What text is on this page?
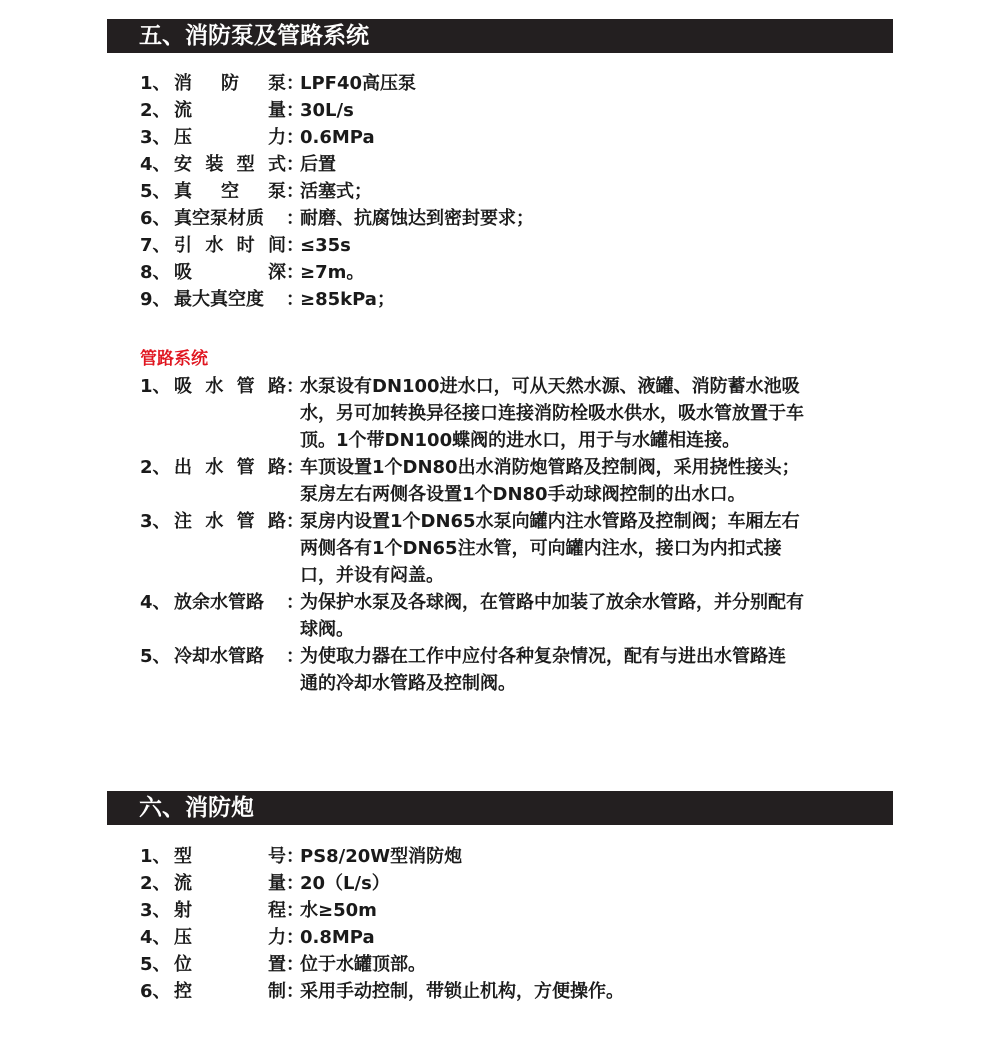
五、消防泵及管路系统
1、 消 防 泵 ：
LPF40高压泵
2、 流	量 ：
30L/s
3、 压	力 ：
0.6MPa
4、 安 装 型 式 ：
后置
5、 真 空 泵 ：
活塞式；
6、 真空泵材质 ：
耐磨、抗腐蚀达到密封要求；
7、 引 水 时 间 ：
≤35s
8、 吸	深 ：
≥7m。
9、 最大真空度 ：
≥85kPa；
管路系统
1、 吸 水 管 路 ：
水泵设有DN100进水口，可从天然水源、液罐、消防蓄水池吸
水，另可加转换异径接口连接消防栓吸水供水，吸水管放置于车
顶。1个带DN100蝶阀的进水口，用于与水罐相连接。
2、 出 水 管 路 ：
车顶设置1个DN80出水消防炮管路及控制阀，采用挠性接头；
泵房左右两侧各设置1个DN80手动球阀控制的出水口。
3、 注 水 管 路 ：
泵房内设置1个DN65水泵向罐内注水管路及控制阀；车厢左右
两侧各有1个DN65注水管，可向罐内注水，接口为内扣式接
口，并设有闷盖。
4、 放余水管路 ：
为保护水泵及各球阀，在管路中加装了放余水管路，并分别配有
球阀。
5、 冷却水管路 ：
为使取力器在工作中应付各种复杂情况，配有与进出水管路连
通的冷却水管路及控制阀。
六、消防炮
1、 型	号 ：
PS8/20W型消防炮
2、 流	量 ：
20（L/s）
3、 射	程 ：
水≥50m
4、 压	力 ：
0.8MPa
5、 位	置 ：
位于水罐顶部。
6、 控	制 ：
采用手动控制，带锁止机构，方便操作。
